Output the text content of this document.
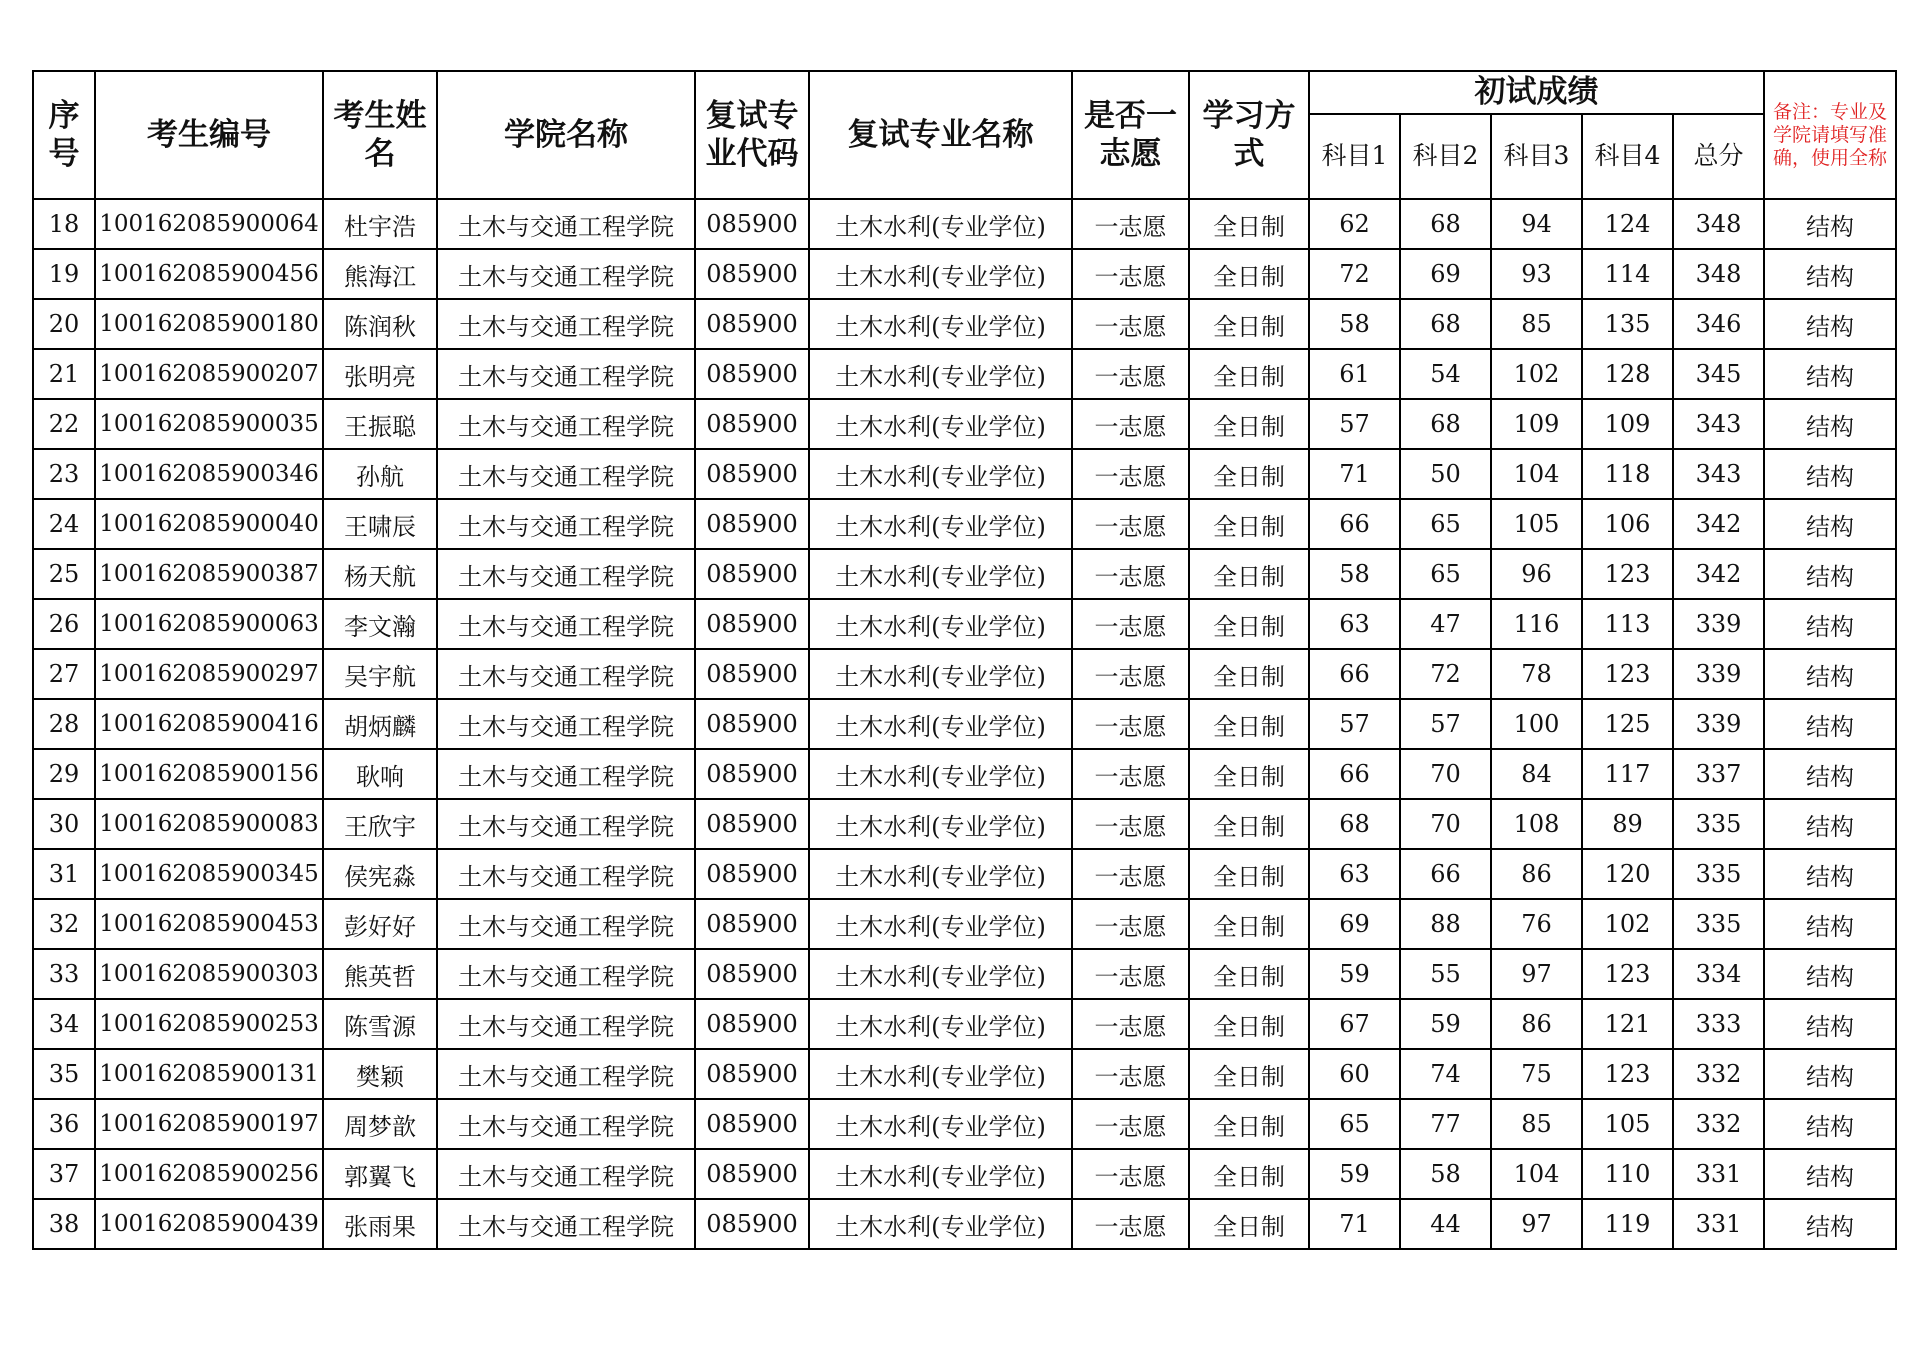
序号	考生编号	考生姓名	学院名称	复试专业代码	复试专业名称	是否一志愿	学习方式	初试成绩					备注：专业及学院请填写准确，使用全称
								科目1	科目2	科目3	科目4	总分	
18	100162085900064	杜宇浩	土木与交通工程学院	085900	土木水利(专业学位)	一志愿	全日制	62	68	94	124	348	结构
19	100162085900456	熊海江	土木与交通工程学院	085900	土木水利(专业学位)	一志愿	全日制	72	69	93	114	348	结构
20	100162085900180	陈润秋	土木与交通工程学院	085900	土木水利(专业学位)	一志愿	全日制	58	68	85	135	346	结构
21	100162085900207	张明亮	土木与交通工程学院	085900	土木水利(专业学位)	一志愿	全日制	61	54	102	128	345	结构
22	100162085900035	王振聪	土木与交通工程学院	085900	土木水利(专业学位)	一志愿	全日制	57	68	109	109	343	结构
23	100162085900346	孙航	土木与交通工程学院	085900	土木水利(专业学位)	一志愿	全日制	71	50	104	118	343	结构
24	100162085900040	王啸辰	土木与交通工程学院	085900	土木水利(专业学位)	一志愿	全日制	66	65	105	106	342	结构
25	100162085900387	杨天航	土木与交通工程学院	085900	土木水利(专业学位)	一志愿	全日制	58	65	96	123	342	结构
26	100162085900063	李文瀚	土木与交通工程学院	085900	土木水利(专业学位)	一志愿	全日制	63	47	116	113	339	结构
27	100162085900297	吴宇航	土木与交通工程学院	085900	土木水利(专业学位)	一志愿	全日制	66	72	78	123	339	结构
28	100162085900416	胡炳麟	土木与交通工程学院	085900	土木水利(专业学位)	一志愿	全日制	57	57	100	125	339	结构
29	100162085900156	耿响	土木与交通工程学院	085900	土木水利(专业学位)	一志愿	全日制	66	70	84	117	337	结构
30	100162085900083	王欣宇	土木与交通工程学院	085900	土木水利(专业学位)	一志愿	全日制	68	70	108	89	335	结构
31	100162085900345	侯宪淼	土木与交通工程学院	085900	土木水利(专业学位)	一志愿	全日制	63	66	86	120	335	结构
32	100162085900453	彭好好	土木与交通工程学院	085900	土木水利(专业学位)	一志愿	全日制	69	88	76	102	335	结构
33	100162085900303	熊英哲	土木与交通工程学院	085900	土木水利(专业学位)	一志愿	全日制	59	55	97	123	334	结构
34	100162085900253	陈雪源	土木与交通工程学院	085900	土木水利(专业学位)	一志愿	全日制	67	59	86	121	333	结构
35	100162085900131	樊颖	土木与交通工程学院	085900	土木水利(专业学位)	一志愿	全日制	60	74	75	123	332	结构
36	100162085900197	周梦歆	土木与交通工程学院	085900	土木水利(专业学位)	一志愿	全日制	65	77	85	105	332	结构
37	100162085900256	郭翼飞	土木与交通工程学院	085900	土木水利(专业学位)	一志愿	全日制	59	58	104	110	331	结构
38	100162085900439	张雨果	土木与交通工程学院	085900	土木水利(专业学位)	一志愿	全日制	71	44	97	119	331	结构
